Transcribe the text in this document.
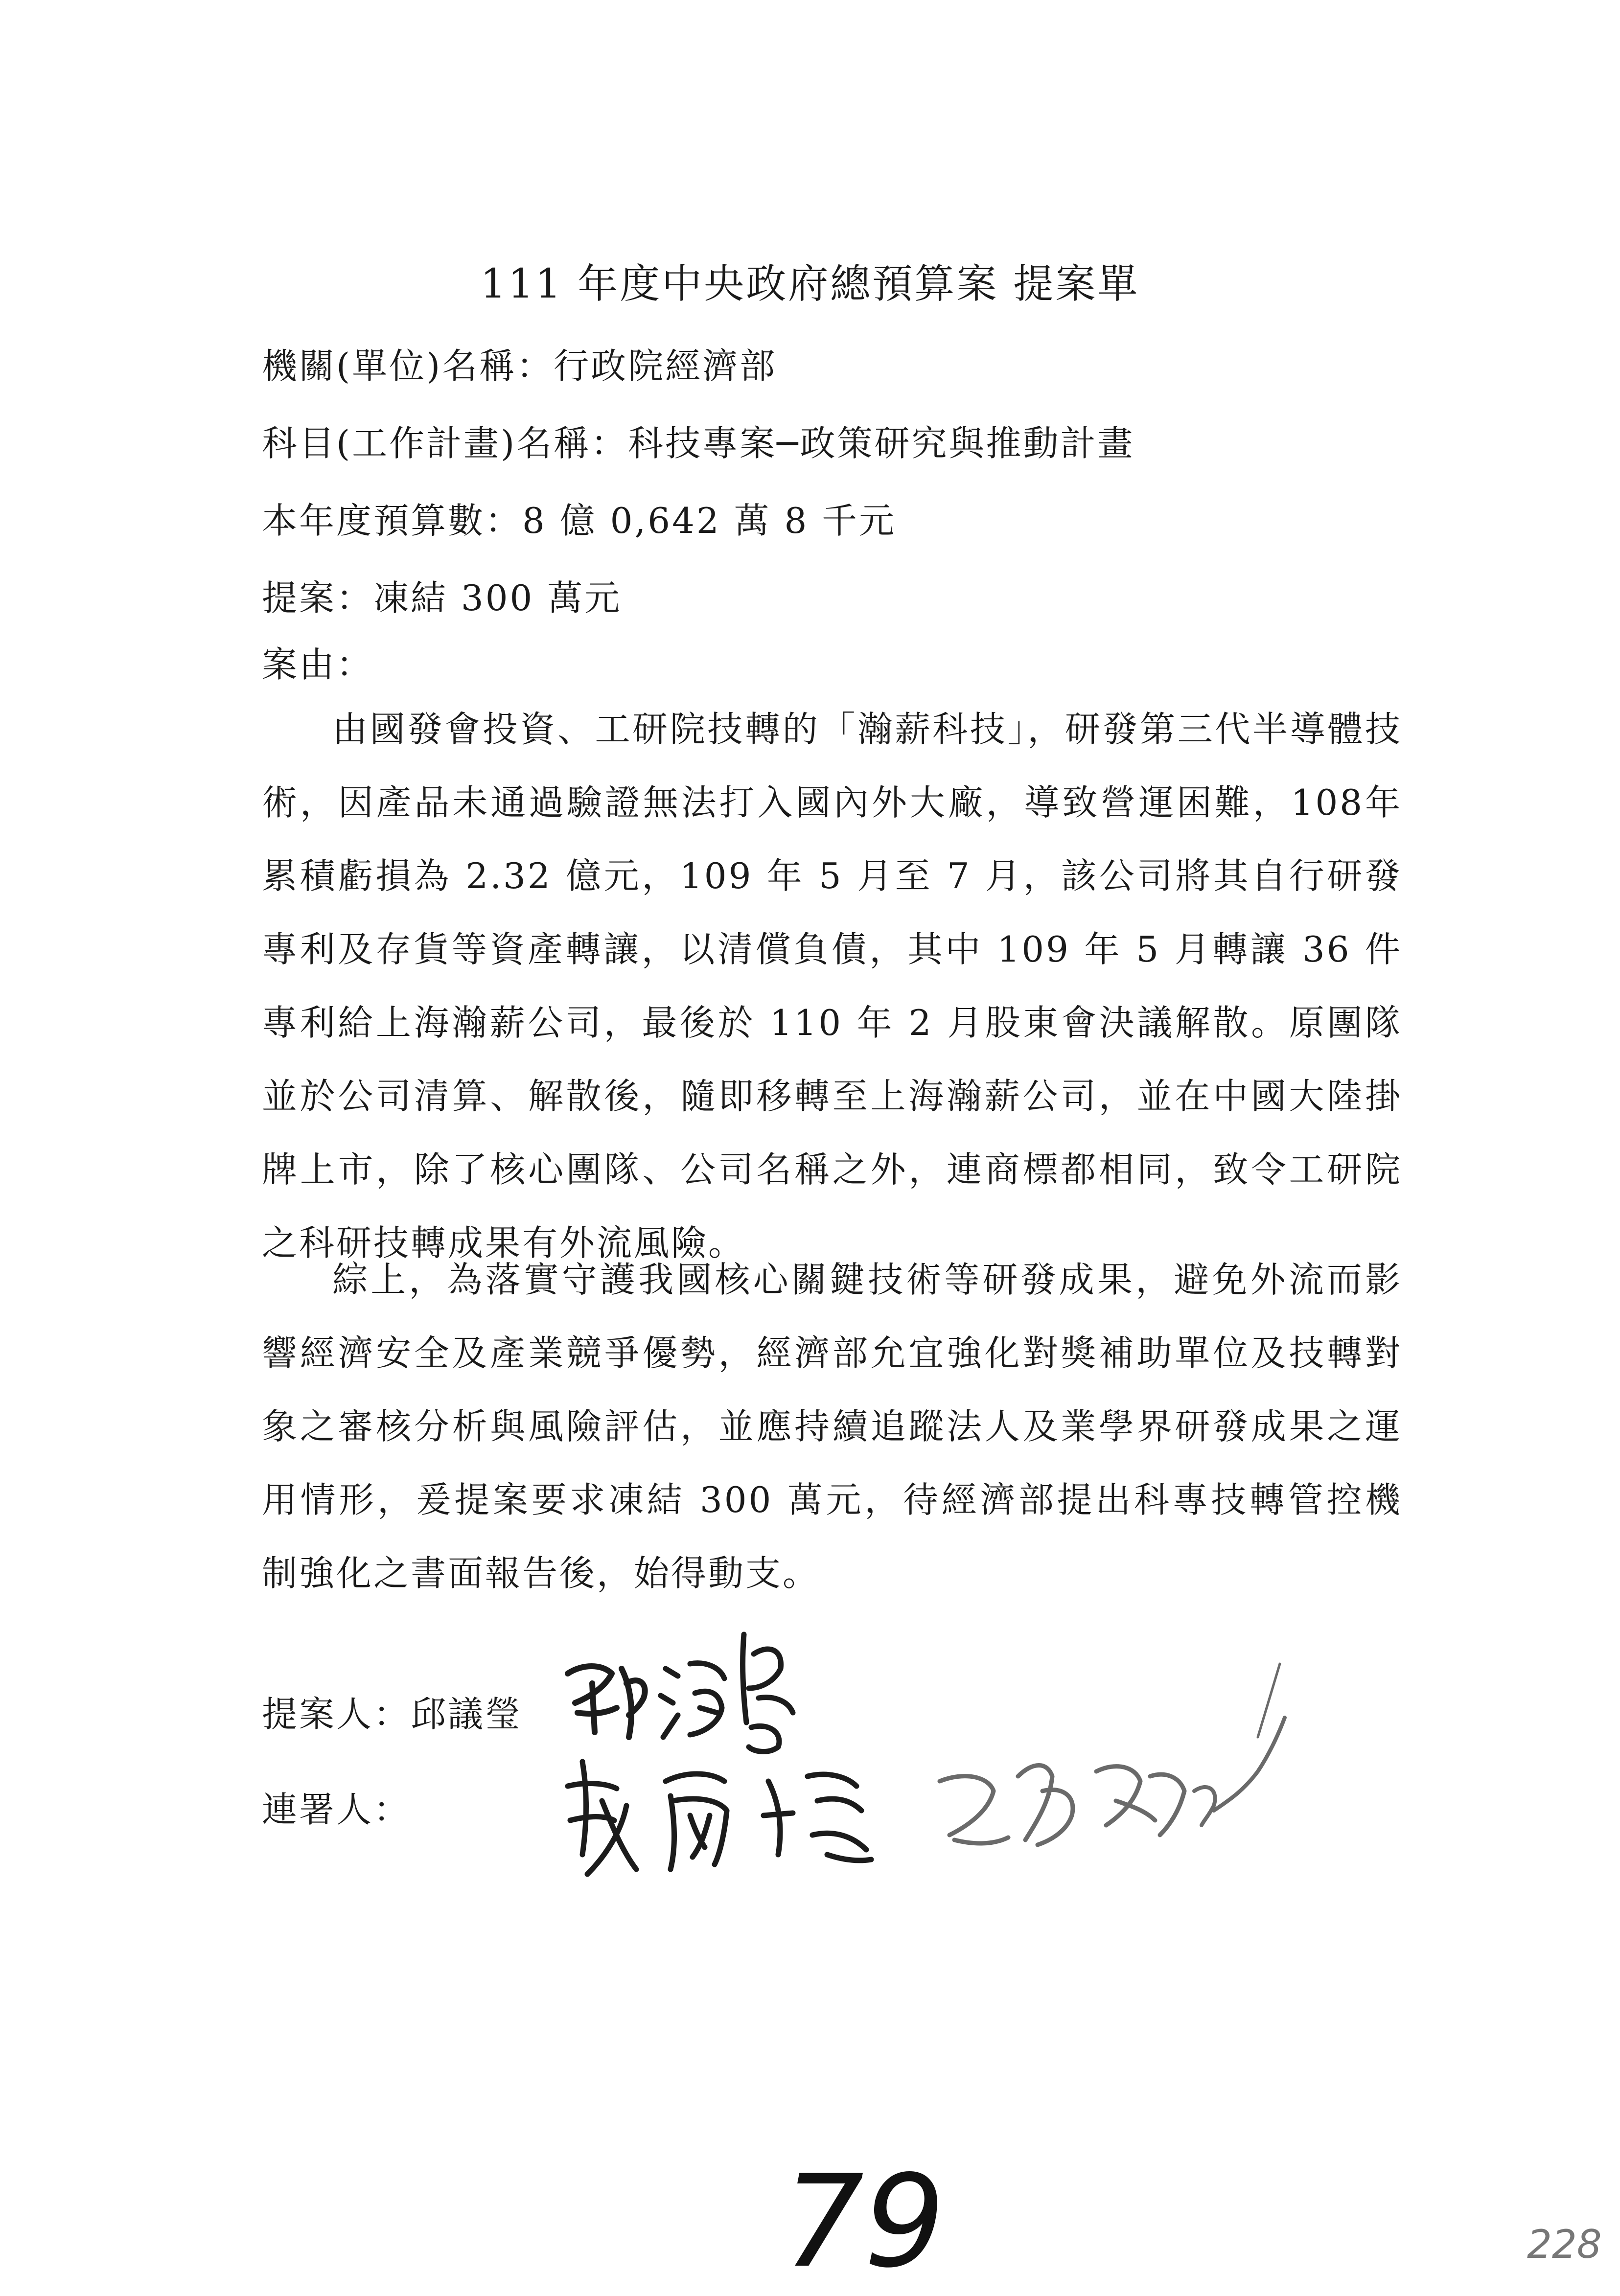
111 年度中央政府總預算案 提案單
機關(單位)名稱：行政院經濟部
科目(工作計畫)名稱：科技專案─政策研究與推動計畫
本年度預算數：8 億 0,642 萬 8 千元
提案：凍結 300 萬元
案由：

由國發會投資、工研院技轉的「瀚薪科技」，研發第三代半導體技術，因產品未通過驗證無法打入國內外大廠，導致營運困難，108年累積虧損為 2.32 億元，109 年 5 月至 7 月，該公司將其自行研發專利及存貨等資產轉讓，以清償負債，其中 109 年 5 月轉讓 36 件專利給上海瀚薪公司，最後於 110 年 2 月股東會決議解散。原團隊並於公司清算、解散後，隨即移轉至上海瀚薪公司，並在中國大陸掛牌上市，除了核心團隊、公司名稱之外，連商標都相同，致令工研院之科研技轉成果有外流風險。

綜上，為落實守護我國核心關鍵技術等研發成果，避免外流而影響經濟安全及產業競爭優勢，經濟部允宜強化對獎補助單位及技轉對象之審核分析與風險評估，並應持續追蹤法人及業學界研發成果之運用情形，爰提案要求凍結 300 萬元，待經濟部提出科專技轉管控機制強化之書面報告後，始得動支。

提案人：邱議瑩
連署人：
79	228
